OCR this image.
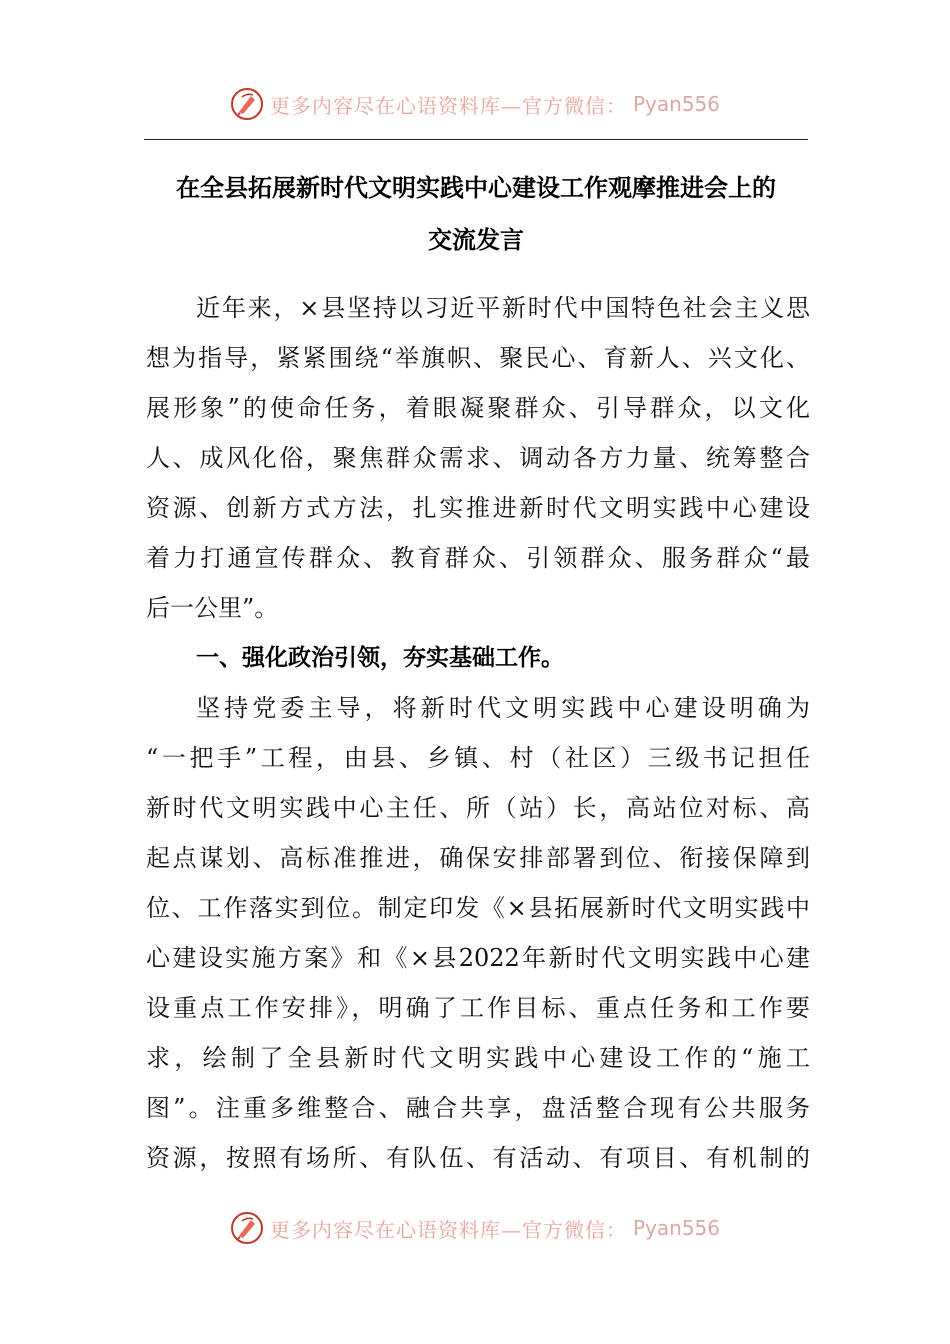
更多内容尽在心语资料库—官方微信： Pyan556
在全县拓展新时代文明实践中心建设工作观摩推进会上的
交流发言
近年来，×县坚持以习近平新时代中国特色社会主义思
想为指导，紧紧围绕“举旗帜、聚民心、育新人、兴文化、
展形象”的使命任务，着眼凝聚群众、引导群众，以文化
人、成风化俗，聚焦群众需求、调动各方力量、统筹整合
资源、创新方式方法，扎实推进新时代文明实践中心建设
着力打通宣传群众、教育群众、引领群众、服务群众“最
后一公里”。
一、强化政治引领，夯实基础工作。
坚持党委主导，将新时代文明实践中心建设明确为
“一把手”工程，由县、乡镇、村（社区）三级书记担任
新时代文明实践中心主任、所（站）长，高站位对标、高
起点谋划、高标准推进，确保安排部署到位、衔接保障到
位、工作落实到位。制定印发《×县拓展新时代文明实践中
心建设实施方案》和《×县2022年新时代文明实践中心建
设重点工作安排》，明确了工作目标、重点任务和工作要
求，绘制了全县新时代文明实践中心建设工作的“施工
图”。注重多维整合、融合共享，盘活整合现有公共服务
资源，按照有场所、有队伍、有活动、有项目、有机制的
更多内容尽在心语资料库—官方微信： Pyan556
